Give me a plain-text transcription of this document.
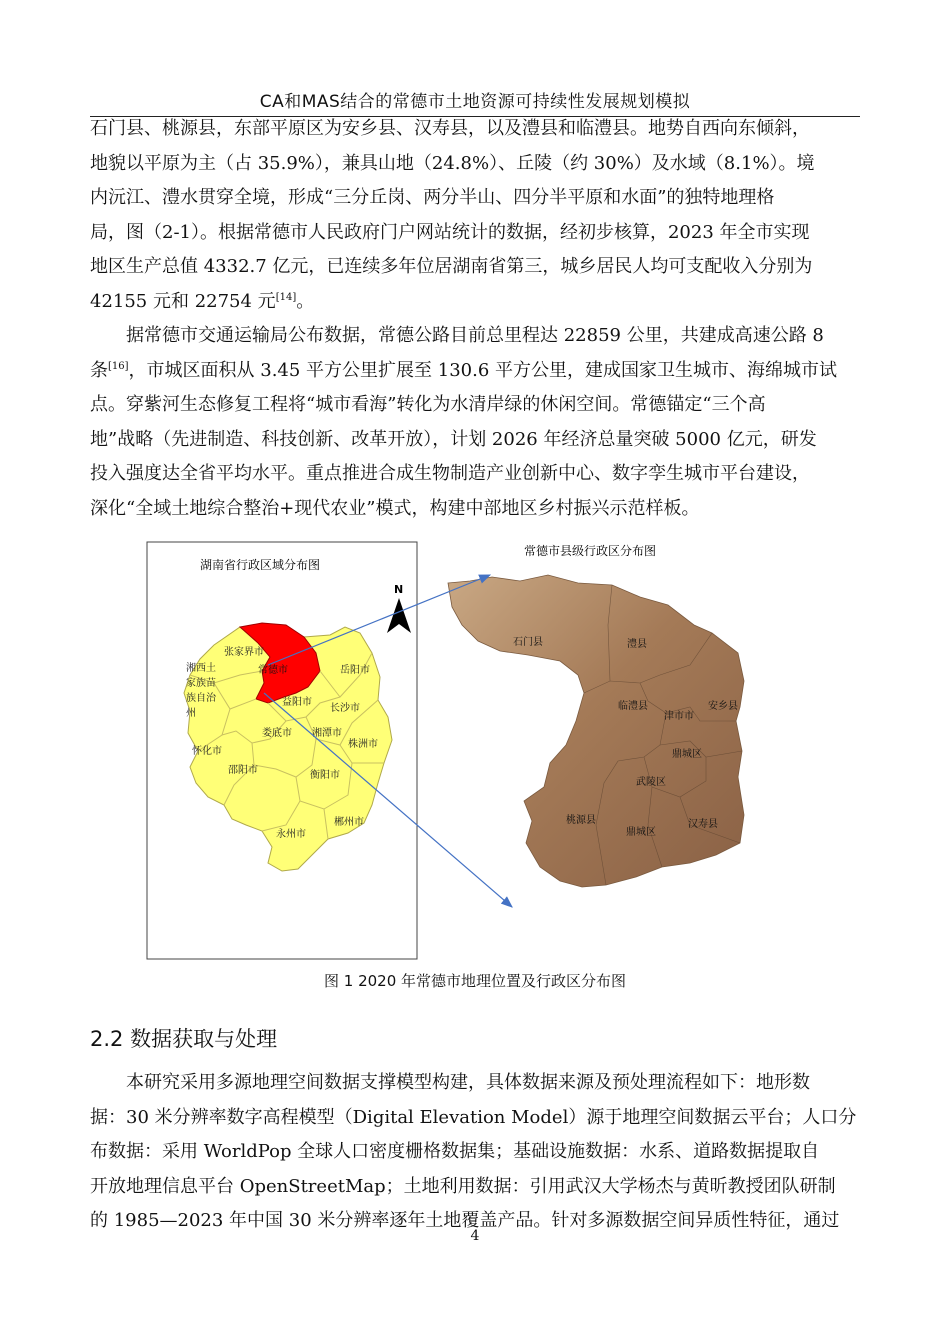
CA和MAS结合的常德市土地资源可持续性发展规划模拟

石门县、桃源县，东部平原区为安乡县、汉寿县，以及澧县和临澧县。地势自西向东倾斜，
地貌以平原为主（占 35.9%），兼具山地（24.8%）、丘陵（约 30%）及水域（8.1%）。境
内沅江、澧水贯穿全境，形成“三分丘岗、两分半山、四分半平原和水面”的独特地理格
局，图（2-1）。根据常德市人民政府门户网站统计的数据，经初步核算，2023 年全市实现
地区生产总值 4332.7 亿元，已连续多年位居湖南省第三，城乡居民人均可支配收入分别为
42155 元和 22754 元[14]。

据常德市交通运输局公布数据，常德公路目前总里程达 22859 公里，共建成高速公路 8
条[16]，市城区面积从 3.45 平方公里扩展至 130.6 平方公里，建成国家卫生城市、海绵城市试
点。穿紫河生态修复工程将“城市看海”转化为水清岸绿的休闲空间。常德锚定“三个高
地”战略（先进制造、科技创新、改革开放），计划 2026 年经济总量突破 5000 亿元，研发
投入强度达全省平均水平。重点推进合成生物制造产业创新中心、数字孪生城市平台建设，
深化“全域土地综合整治+现代农业”模式，构建中部地区乡村振兴示范样板。

湖南省行政区域分布图
张家界市
常德市	岳阳市
湘西土
家族苗
族自治
州
益阳市
长沙市
娄底市 湘潭市
株洲市
怀化市
邵阳市	衡阳市
郴州市
永州市
N
石门县	澧县
临澧县
津市市
安乡县
鼎城区
武陵区
桃源县
鼎城区
汉寿县
常德市县级行政区分布图
图 1 2020 年常德市地理位置及行政区分布图
2.2 数据获取与处理

本研究采用多源地理空间数据支撑模型构建，具体数据来源及预处理流程如下：地形数
据：30 米分辨率数字高程模型（Digital Elevation Model）源于地理空间数据云平台；人口分
布数据：采用 WorldPop 全球人口密度栅格数据集；基础设施数据：水系、道路数据提取自
开放地理信息平台 OpenStreetMap；土地利用数据：引用武汉大学杨杰与黄昕教授团队研制
的 1985—2023 年中国 30 米分辨率逐年土地覆盖产品。针对多源数据空间异质性特征，通过

4
